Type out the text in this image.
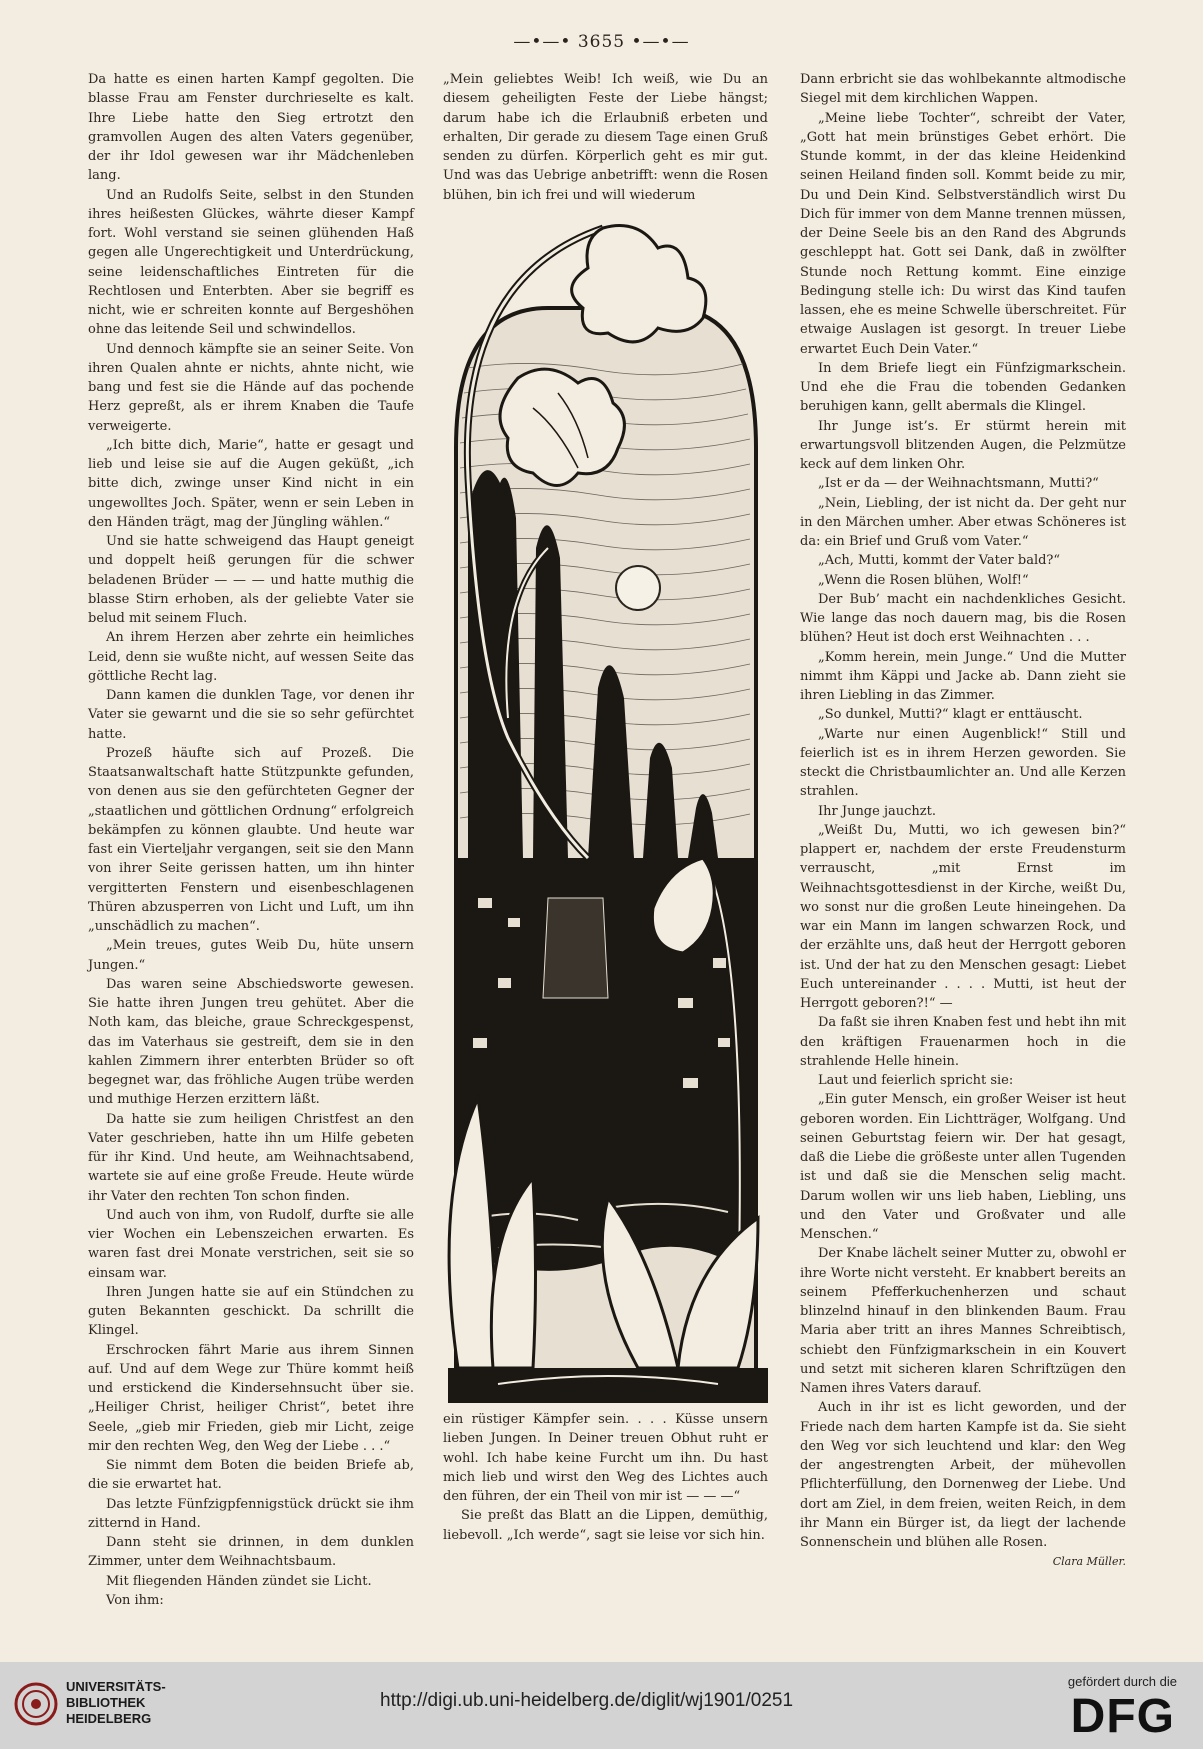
—•—• 3655 •—•—

Da hatte es einen harten Kampf gegolten. Die blasse Frau am Fenster durchrieselte es kalt. Ihre Liebe hatte den Sieg ertrotzt den gramvollen Augen des alten Vaters gegenüber, der ihr Idol gewesen war ihr Mädchenleben lang.

Und an Rudolfs Seite, selbst in den Stunden ihres heißesten Glückes, währte dieser Kampf fort. Wohl verstand sie seinen glühenden Haß gegen alle Ungerechtigkeit und Unterdrückung, seine leidenschaftliches Eintreten für die Rechtlosen und Enterbten. Aber sie begriff es nicht, wie er schreiten konnte auf Bergeshöhen ohne das leitende Seil und schwindellos.

Und dennoch kämpfte sie an seiner Seite. Von ihren Qualen ahnte er nichts, ahnte nicht, wie bang und fest sie die Hände auf das pochende Herz gepreßt, als er ihrem Knaben die Taufe verweigerte.

„Ich bitte dich, Marie“, hatte er gesagt und lieb und leise sie auf die Augen geküßt, „ich bitte dich, zwinge unser Kind nicht in ein ungewolltes Joch. Später, wenn er sein Leben in den Händen trägt, mag der Jüngling wählen.“

Und sie hatte schweigend das Haupt geneigt und doppelt heiß gerungen für die schwer beladenen Brüder — — — und hatte muthig die blasse Stirn erhoben, als der geliebte Vater sie belud mit seinem Fluch.

An ihrem Herzen aber zehrte ein heimliches Leid, denn sie wußte nicht, auf wessen Seite das göttliche Recht lag.

Dann kamen die dunklen Tage, vor denen ihr Vater sie gewarnt und die sie so sehr gefürchtet hatte.

Prozeß häufte sich auf Prozeß. Die Staatsanwaltschaft hatte Stützpunkte gefunden, von denen aus sie den gefürchteten Gegner der „staatlichen und göttlichen Ordnung“ erfolgreich bekämpfen zu können glaubte. Und heute war fast ein Vierteljahr vergangen, seit sie den Mann von ihrer Seite gerissen hatten, um ihn hinter vergitterten Fenstern und eisenbeschlagenen Thüren abzusperren von Licht und Luft, um ihn „unschädlich zu machen“.

„Mein treues, gutes Weib Du, hüte unsern Jungen.“

Das waren seine Abschiedsworte gewesen. Sie hatte ihren Jungen treu gehütet. Aber die Noth kam, das bleiche, graue Schreckgespenst, das im Vaterhaus sie gestreift, dem sie in den kahlen Zimmern ihrer enterbten Brüder so oft begegnet war, das fröhliche Augen trübe werden und muthige Herzen erzittern läßt.

Da hatte sie zum heiligen Christfest an den Vater geschrieben, hatte ihn um Hilfe gebeten für ihr Kind. Und heute, am Weihnachtsabend, wartete sie auf eine große Freude. Heute würde ihr Vater den rechten Ton schon finden.

Und auch von ihm, von Rudolf, durfte sie alle vier Wochen ein Lebenszeichen erwarten. Es waren fast drei Monate verstrichen, seit sie so einsam war.

Ihren Jungen hatte sie auf ein Stündchen zu guten Bekannten geschickt. Da schrillt die Klingel.

Erschrocken fährt Marie aus ihrem Sinnen auf. Und auf dem Wege zur Thüre kommt heiß und erstickend die Kindersehnsucht über sie. „Heiliger Christ, heiliger Christ“, betet ihre Seele, „gieb mir Frieden, gieb mir Licht, zeige mir den rechten Weg, den Weg der Liebe . . .“

Sie nimmt dem Boten die beiden Briefe ab, die sie erwartet hat.

Das letzte Fünfzigpfennigstück drückt sie ihm zitternd in Hand.

Dann steht sie drinnen, in dem dunklen Zimmer, unter dem Weihnachtsbaum.

Mit fliegenden Händen zündet sie Licht.

Von ihm:

„Mein geliebtes Weib! Ich weiß, wie Du an diesem geheiligten Feste der Liebe hängst; darum habe ich die Erlaubniß erbeten und erhalten, Dir gerade zu diesem Tage einen Gruß senden zu dürfen. Körperlich geht es mir gut. Und was das Uebrige anbetrifft: wenn die Rosen blühen, bin ich frei und will wiederum

ein rüstiger Kämpfer sein. . . . Küsse unsern lieben Jungen. In Deiner treuen Obhut ruht er wohl. Ich habe keine Furcht um ihn. Du hast mich lieb und wirst den Weg des Lichtes auch den führen, der ein Theil von mir ist — — —“

Sie preßt das Blatt an die Lippen, demüthig, liebevoll. „Ich werde“, sagt sie leise vor sich hin.

Dann erbricht sie das wohlbekannte altmodische Siegel mit dem kirchlichen Wappen.

„Meine liebe Tochter“, schreibt der Vater, „Gott hat mein brünstiges Gebet erhört. Die Stunde kommt, in der das kleine Heidenkind seinen Heiland finden soll. Kommt beide zu mir, Du und Dein Kind. Selbstverständlich wirst Du Dich für immer von dem Manne trennen müssen, der Deine Seele bis an den Rand des Abgrunds geschleppt hat. Gott sei Dank, daß in zwölfter Stunde noch Rettung kommt. Eine einzige Bedingung stelle ich: Du wirst das Kind taufen lassen, ehe es meine Schwelle überschreitet. Für etwaige Auslagen ist gesorgt. In treuer Liebe erwartet Euch Dein Vater.“

In dem Briefe liegt ein Fünfzigmarkschein. Und ehe die Frau die tobenden Gedanken beruhigen kann, gellt abermals die Klingel.

Ihr Junge ist’s. Er stürmt herein mit erwartungsvoll blitzenden Augen, die Pelzmütze keck auf dem linken Ohr.

„Ist er da — der Weihnachtsmann, Mutti?“

„Nein, Liebling, der ist nicht da. Der geht nur in den Märchen umher. Aber etwas Schöneres ist da: ein Brief und Gruß vom Vater.“

„Ach, Mutti, kommt der Vater bald?“

„Wenn die Rosen blühen, Wolf!“

Der Bub’ macht ein nachdenkliches Gesicht. Wie lange das noch dauern mag, bis die Rosen blühen? Heut ist doch erst Weihnachten . . .

„Komm herein, mein Junge.“ Und die Mutter nimmt ihm Käppi und Jacke ab. Dann zieht sie ihren Liebling in das Zimmer.

„So dunkel, Mutti?“ klagt er enttäuscht.

„Warte nur einen Augenblick!“ Still und feierlich ist es in ihrem Herzen geworden. Sie steckt die Christbaumlichter an. Und alle Kerzen strahlen.

Ihr Junge jauchzt.

„Weißt Du, Mutti, wo ich gewesen bin?“ plappert er, nachdem der erste Freudensturm verrauscht, „mit Ernst im Weihnachtsgottesdienst in der Kirche, weißt Du, wo sonst nur die großen Leute hineingehen. Da war ein Mann im langen schwarzen Rock, und der erzählte uns, daß heut der Herrgott geboren ist. Und der hat zu den Menschen gesagt: Liebet Euch untereinander . . . . Mutti, ist heut der Herrgott geboren?!“ —

Da faßt sie ihren Knaben fest und hebt ihn mit den kräftigen Frauenarmen hoch in die strahlende Helle hinein.

Laut und feierlich spricht sie:

„Ein guter Mensch, ein großer Weiser ist heut geboren worden. Ein Lichtträger, Wolfgang. Und seinen Geburtstag feiern wir. Der hat gesagt, daß die Liebe die größeste unter allen Tugenden ist und daß sie die Menschen selig macht. Darum wollen wir uns lieb haben, Liebling, uns und den Vater und Großvater und alle Menschen.“

Der Knabe lächelt seiner Mutter zu, obwohl er ihre Worte nicht versteht. Er knabbert bereits an seinem Pfefferkuchenherzen und schaut blinzelnd hinauf in den blinkenden Baum. Frau Maria aber tritt an ihres Mannes Schreibtisch, schiebt den Fünfzigmarkschein in ein Kouvert und setzt mit sicheren klaren Schriftzügen den Namen ihres Vaters darauf.

Auch in ihr ist es licht geworden, und der Friede nach dem harten Kampfe ist da. Sie sieht den Weg vor sich leuchtend und klar: den Weg der angestrengten Arbeit, der mühevollen Pflichterfüllung, den Dornenweg der Liebe. Und dort am Ziel, in dem freien, weiten Reich, in dem ihr Mann ein Bürger ist, da liegt der lachende Sonnenschein und blühen alle Rosen.

Clara Müller.
UNIVERSITÄTS-
BIBLIOTHEK
HEIDELBERG
http://digi.ub.uni-heidelberg.de/diglit/wj1901/0251
gefördert durch die
DFG
